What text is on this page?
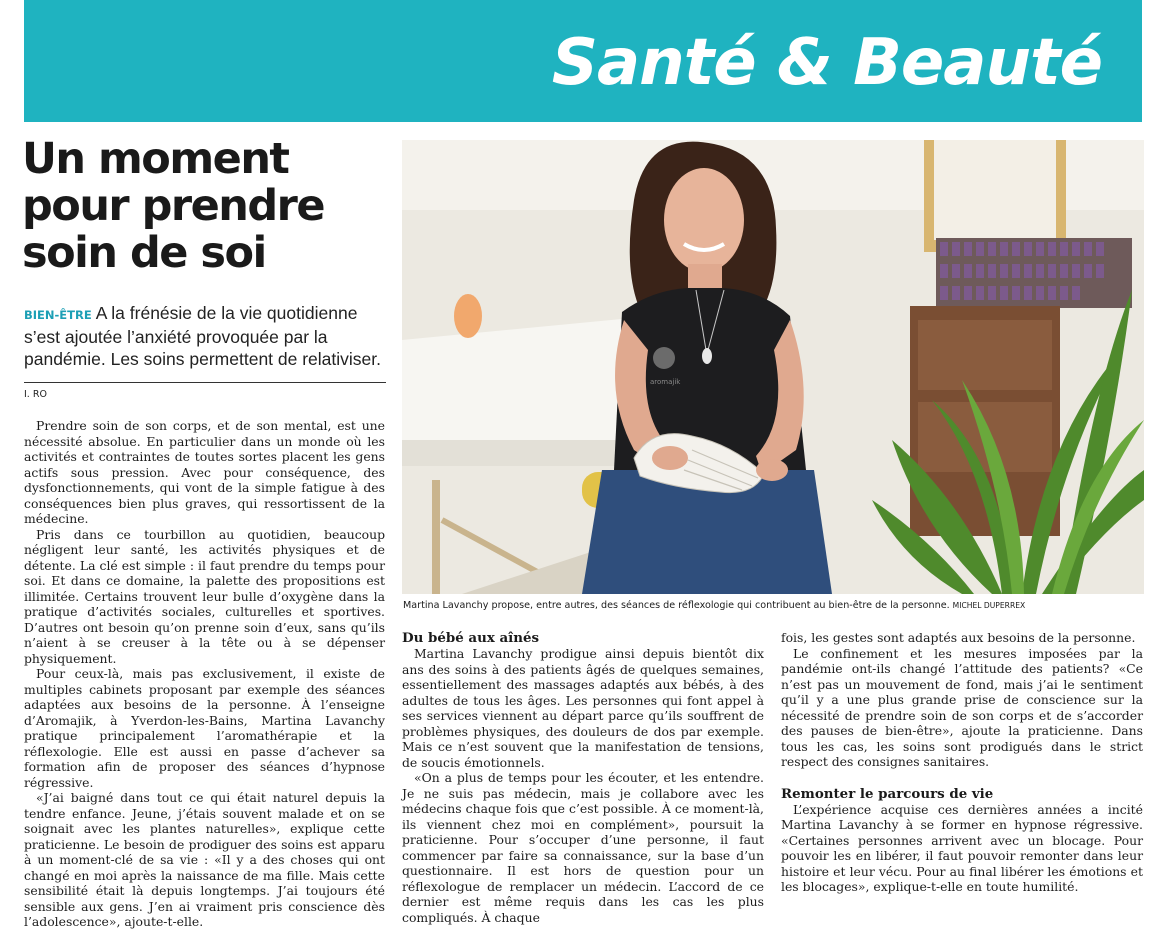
Santé & Beauté
Un moment pour prendre soin de soi
BIEN-ÊTRE A la frénésie de la vie quotidienne s’est ajoutée l’anxiété provoquée par la pandémie. Les soins permettent de relativiser.
I. RO

Prendre soin de son corps, et de son mental, est une nécessité absolue. En particulier dans un monde où les activités et contraintes de toutes sortes placent les gens actifs sous pression. Avec pour conséquence, des dysfonctionnements, qui vont de la simple fatigue à des conséquences bien plus graves, qui ressortissent de la médecine.

Pris dans ce tourbillon au quotidien, beaucoup négligent leur santé, les activités physiques et de détente. La clé est simple : il faut prendre du temps pour soi. Et dans ce domaine, la palette des propositions est illimitée. Certains trouvent leur bulle d’oxygène dans la pratique d’activités sociales, culturelles et sportives. D’autres ont besoin qu’on prenne soin d’eux, sans qu’ils n’aient à se creuser à la tête ou à se dépenser physiquement.

Pour ceux-là, mais pas exclusivement, il existe de multiples cabinets proposant par exemple des séances adaptées aux besoins de la personne. À l’enseigne d’Aromajik, à Yverdon-les-Bains, Martina Lavanchy pratique principalement l’aromathérapie et la réflexologie. Elle est aussi en passe d’achever sa formation afin de proposer des séances d’hypnose régressive.

«J’ai baigné dans tout ce qui était naturel depuis la tendre enfance. Jeune, j’étais souvent malade et on se soignait avec les plantes naturelles», explique cette praticienne. Le besoin de prodiguer des soins est apparu à un moment-clé de sa vie : «Il y a des choses qui ont changé en moi après la naissance de ma fille. Mais cette sensibilité était là depuis longtemps. J’ai toujours été sensible aux gens. J’en ai vraiment pris conscience dès l’adolescence», ajoute-t-elle.

aromajik
Martina Lavanchy propose, entre autres, des séances de réflexologie qui contribuent au bien-être de la personne. MICHEL DUPERREX
Du bébé aux aînés

Martina Lavanchy prodigue ainsi depuis bientôt dix ans des soins à des patients âgés de quelques semaines, essentiellement des massages adaptés aux bébés, à des adultes de tous les âges. Les personnes qui font appel à ses services viennent au départ parce qu’ils souffrent de problèmes physiques, des douleurs de dos par exemple. Mais ce n’est souvent que la manifestation de tensions, de soucis émotionnels.

«On a plus de temps pour les écouter, et les entendre. Je ne suis pas médecin, mais je collabore avec les médecins chaque fois que c’est possible. À ce moment-là, ils viennent chez moi en complément», poursuit la praticienne. Pour s’occuper d’une personne, il faut commencer par faire sa connaissance, sur la base d’un questionnaire. Il est hors de question pour un réflexologue de remplacer un médecin. L’accord de ce dernier est même requis dans les cas les plus compliqués. À chaque

fois, les gestes sont adaptés aux besoins de la personne.

Le confinement et les mesures imposées par la pandémie ont-ils changé l’attitude des patients? «Ce n’est pas un mouvement de fond, mais j’ai le sentiment qu’il y a une plus grande prise de conscience sur la nécessité de prendre soin de son corps et de s’accorder des pauses de bien-être», ajoute la praticienne. Dans tous les cas, les soins sont prodigués dans le strict respect des consignes sanitaires.

Remonter le parcours de vie

L’expérience acquise ces dernières années a incité Martina Lavanchy à se former en hypnose régressive. «Certaines personnes arrivent avec un blocage. Pour pouvoir les en libérer, il faut pouvoir remonter dans leur histoire et leur vécu. Pour au final libérer les émotions et les blocages», explique-t-elle en toute humilité.
